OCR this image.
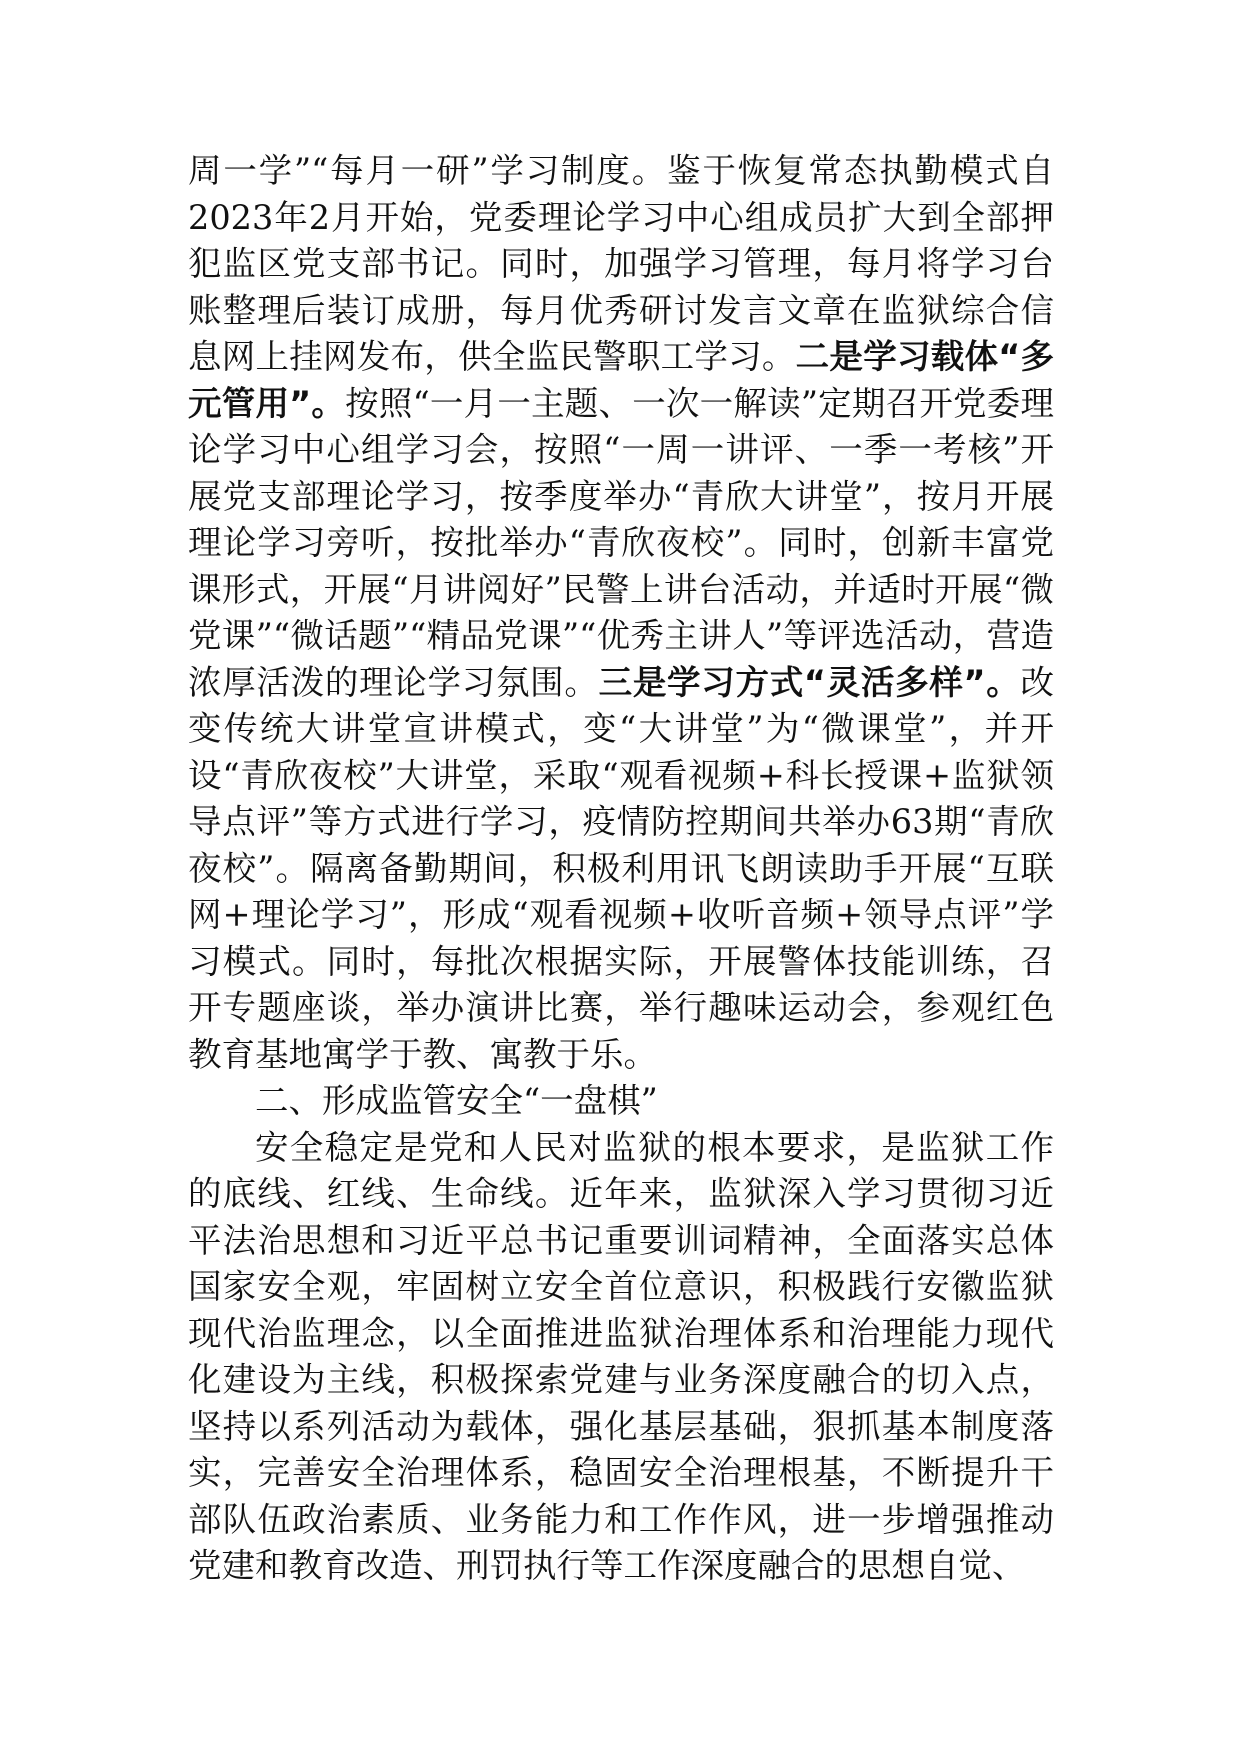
周一学”“每月一研”学习制度。鉴于恢复常态执勤模式自2023年2月开始，党委理论学习中心组成员扩大到全部押犯监区党支部书记。同时，加强学习管理，每月将学习台账整理后装订成册，每月优秀研讨发言文章在监狱综合信息网上挂网发布，供全监民警职工学习。二是学习载体“多元管用”。按照“一月一主题、一次一解读”定期召开党委理论学习中心组学习会，按照“一周一讲评、一季一考核”开展党支部理论学习，按季度举办“青欣大讲堂”，按月开展理论学习旁听，按批举办“青欣夜校”。同时，创新丰富党课形式，开展“月讲阅好”民警上讲台活动，并适时开展“微党课”“微话题”“精品党课”“优秀主讲人”等评选活动，营造浓厚活泼的理论学习氛围。三是学习方式“灵活多样”。改变传统大讲堂宣讲模式，变“大讲堂”为“微课堂”，并开设“青欣夜校”大讲堂，采取“观看视频+科长授课+监狱领导点评”等方式进行学习，疫情防控期间共举办63期“青欣夜校”。隔离备勤期间，积极利用讯飞朗读助手开展“互联网+理论学习”，形成“观看视频+收听音频+领导点评”学习模式。同时，每批次根据实际，开展警体技能训练，召开专题座谈，举办演讲比赛，举行趣味运动会，参观红色教育基地寓学于教、寓教于乐。

二、形成监管安全“一盘棋”

安全稳定是党和人民对监狱的根本要求，是监狱工作的底线、红线、生命线。近年来，监狱深入学习贯彻习近平法治思想和习近平总书记重要训词精神，全面落实总体国家安全观，牢固树立安全首位意识，积极践行安徽监狱现代治监理念，以全面推进监狱治理体系和治理能力现代化建设为主线，积极探索党建与业务深度融合的切入点，坚持以系列活动为载体，强化基层基础，狠抓基本制度落实，完善安全治理体系，稳固安全治理根基，不断提升干部队伍政治素质、业务能力和工作作风，进一步增强推动党建和教育改造、刑罚执行等工作深度融合的思想自觉、
